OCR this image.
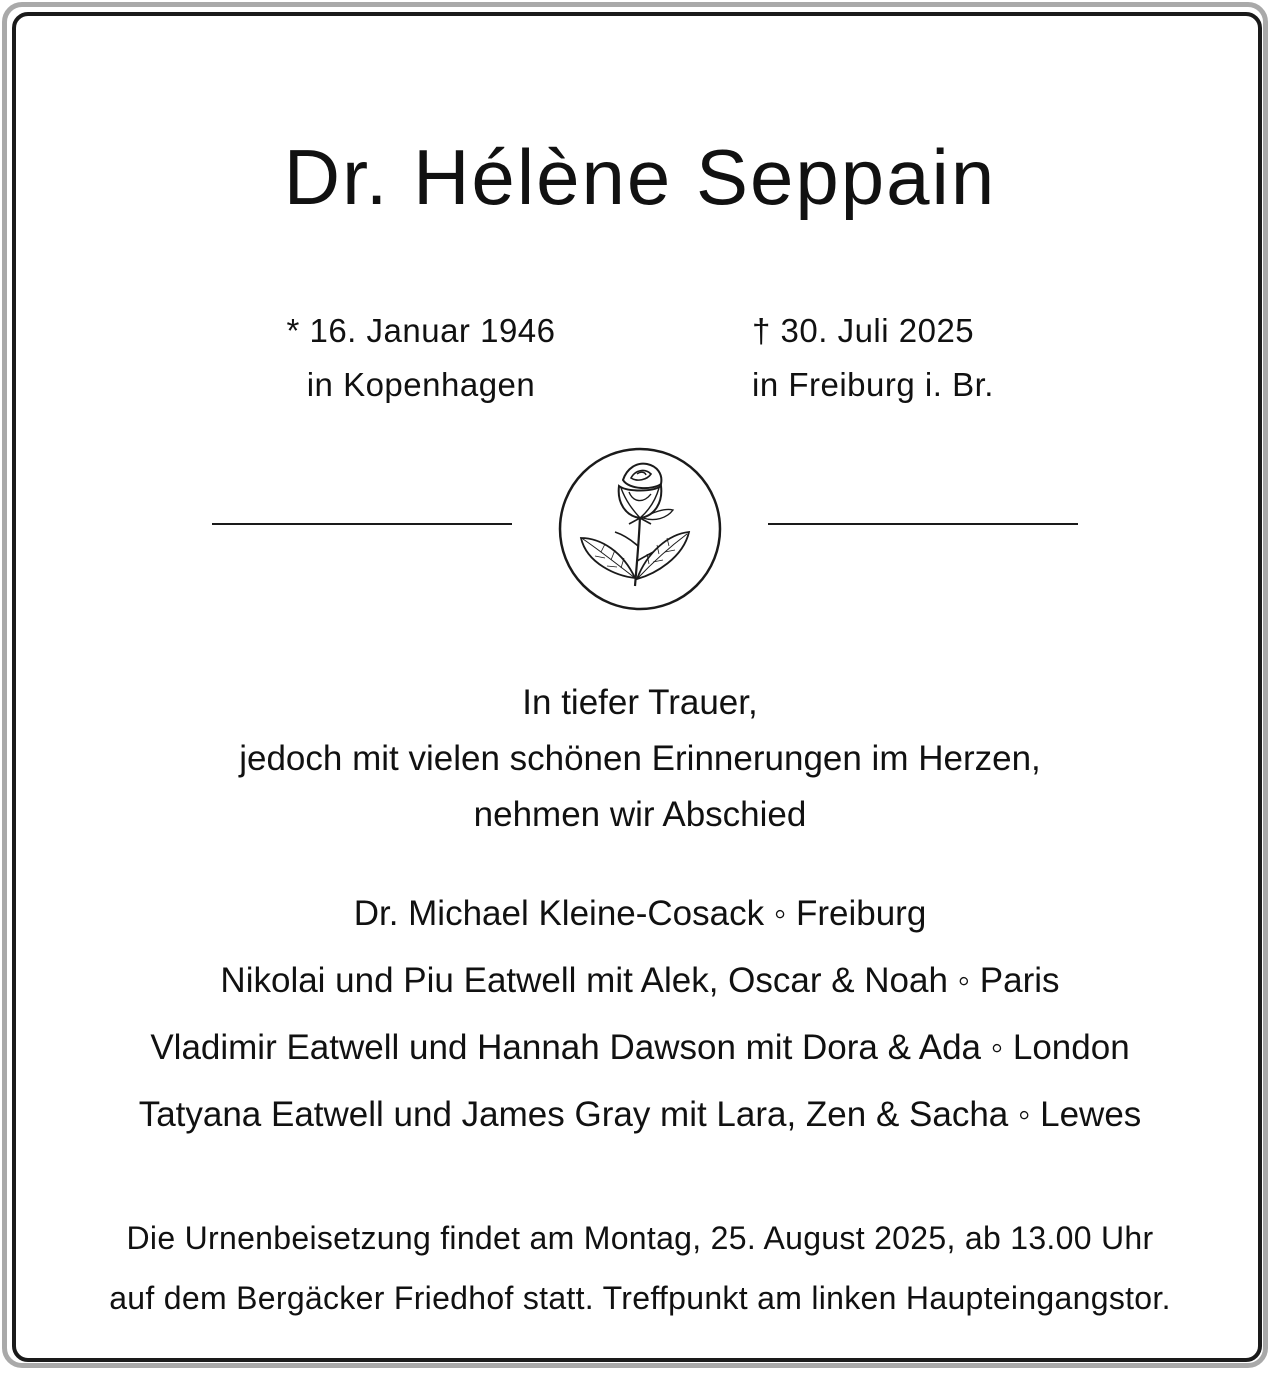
Dr. Hélène Seppain
* 16. Januar 1946
in Kopenhagen
† 30. Juli 2025
in Freiburg i. Br.
In tiefer Trauer,
jedoch mit vielen schönen Erinnerungen im Herzen,
nehmen wir Abschied
Dr. Michael Kleine-Cosack ◦ Freiburg
Nikolai und Piu Eatwell mit Alek, Oscar & Noah ◦ Paris
Vladimir Eatwell und Hannah Dawson mit Dora & Ada ◦ London
Tatyana Eatwell und James Gray mit Lara, Zen & Sacha ◦ Lewes
Die Urnenbeisetzung findet am Montag, 25. August 2025, ab 13.00 Uhr
auf dem Bergäcker Friedhof statt. Treffpunkt am linken Haupteingangstor.
